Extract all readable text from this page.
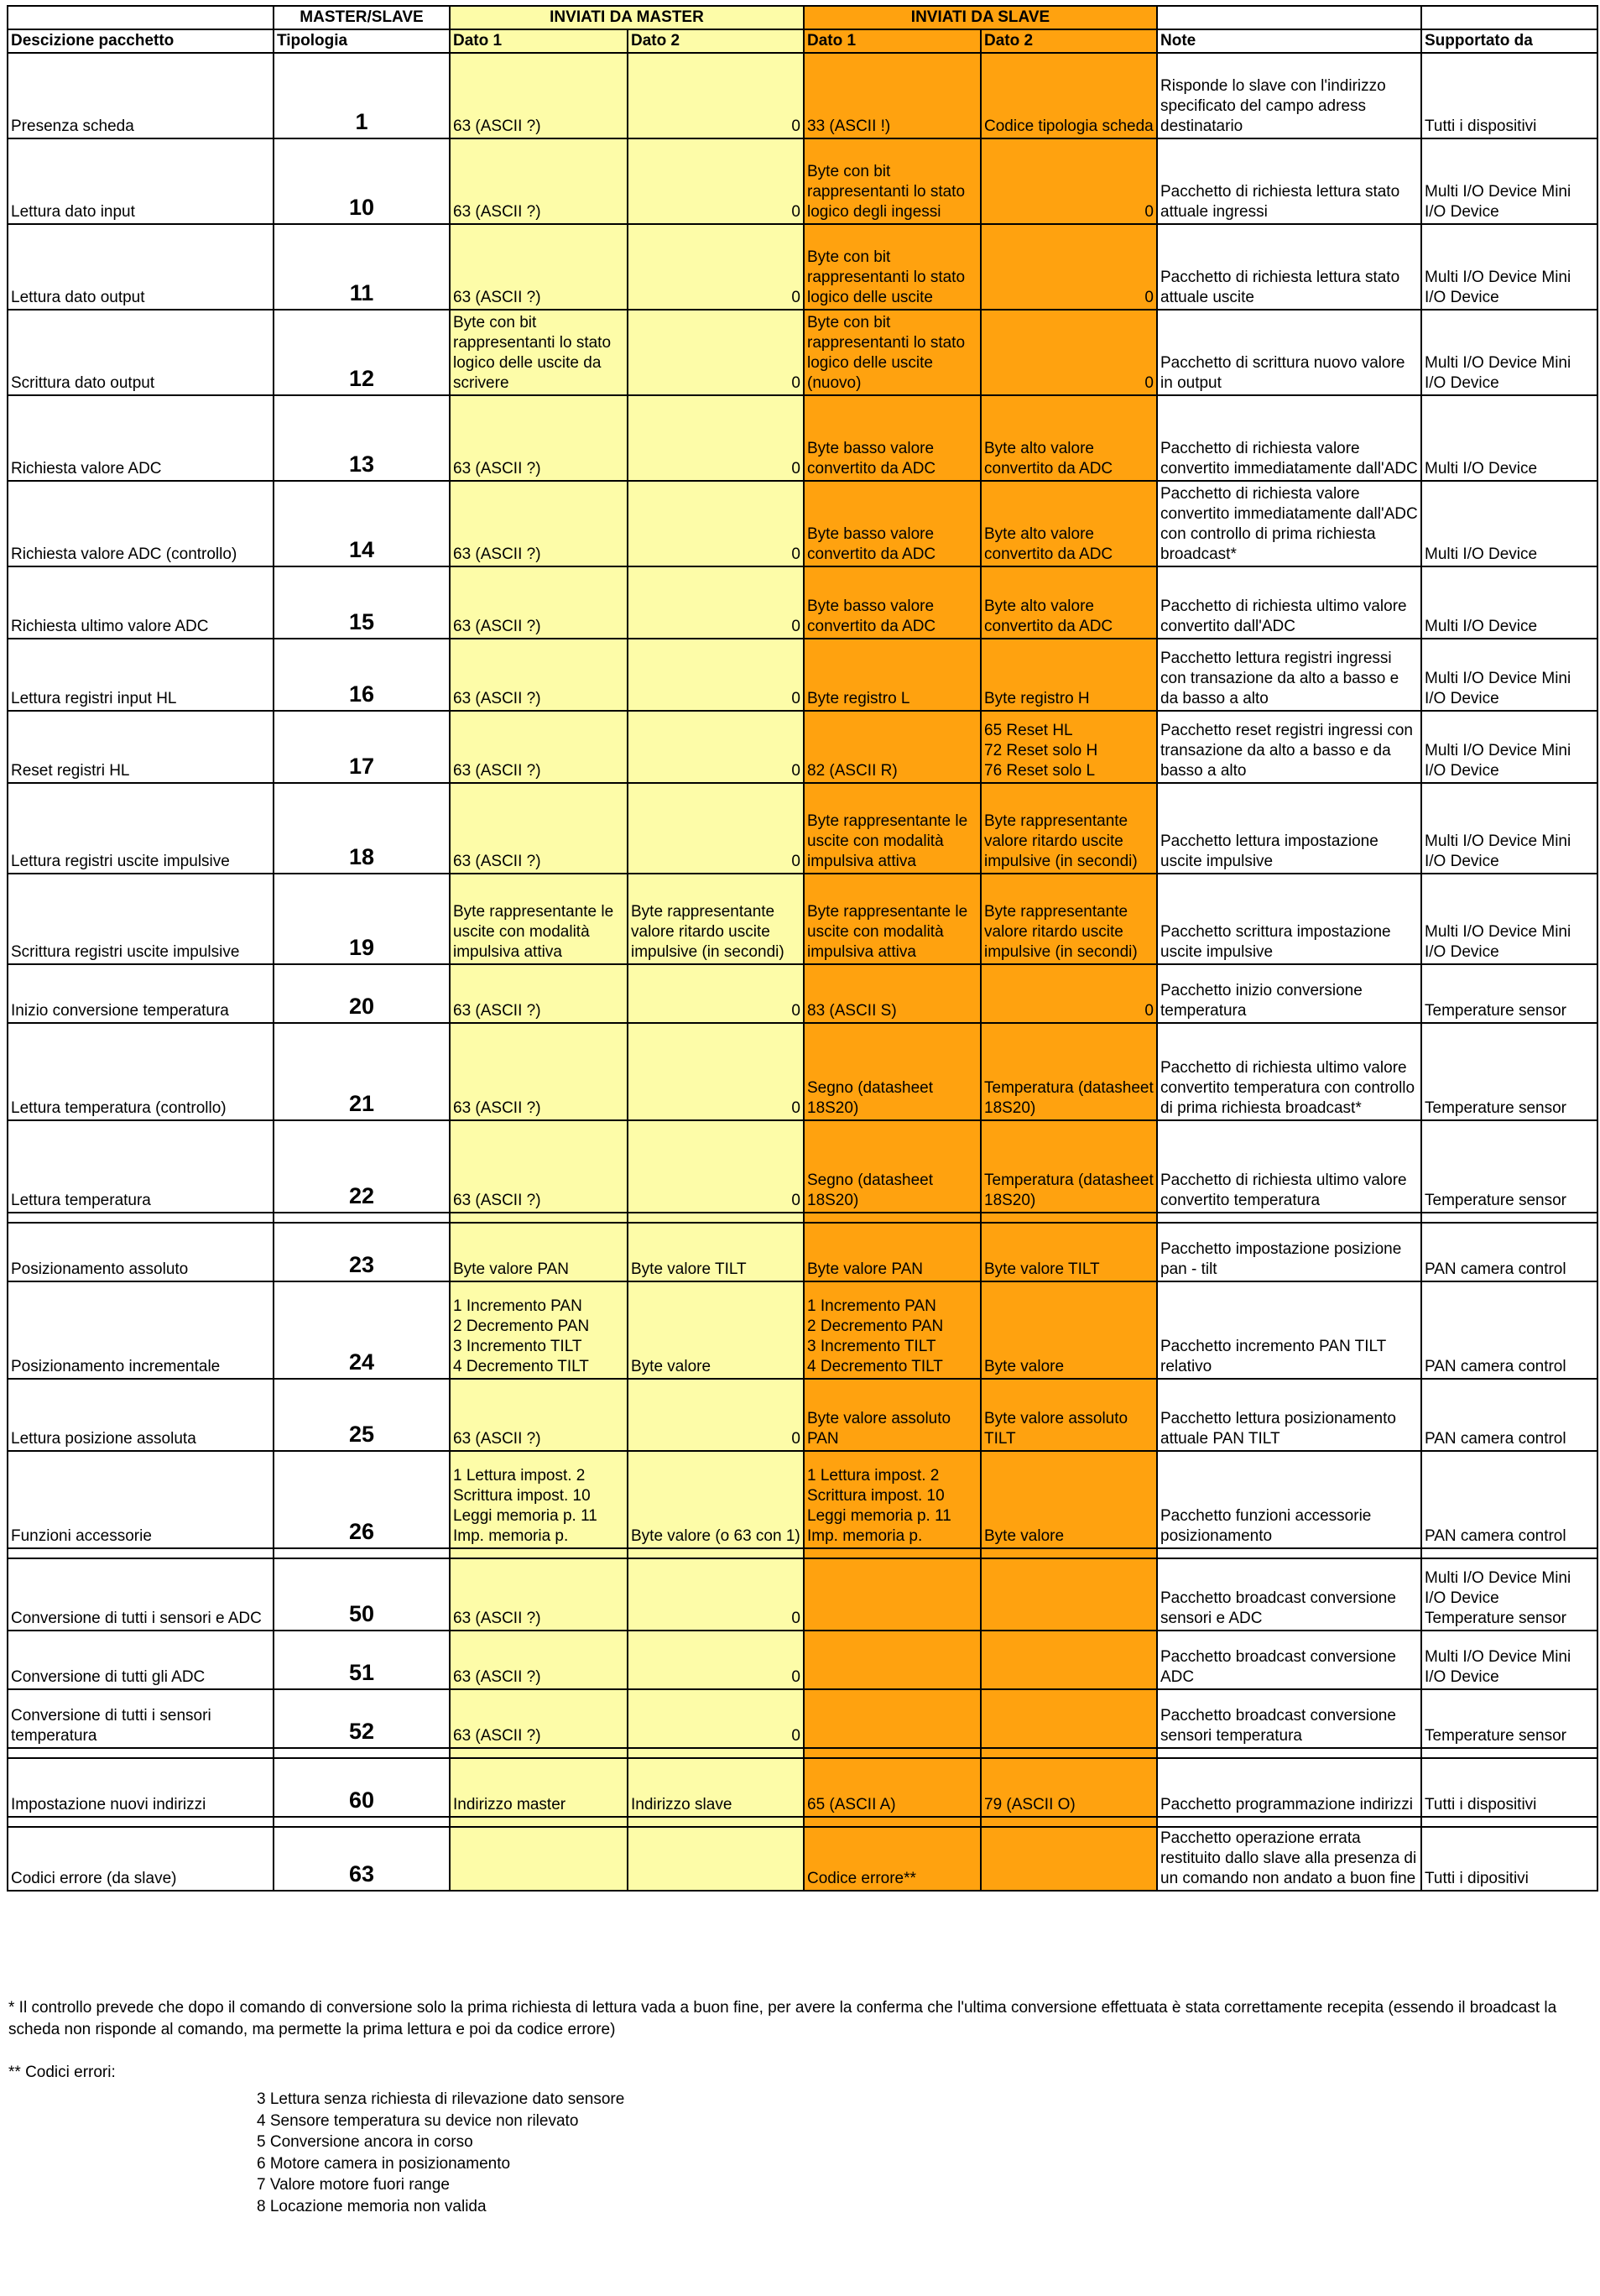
	MASTER/SLAVE	INVIATI DA MASTER		INVIATI DA SLAVE			
Descizione pacchetto	Tipologia	Dato 1	Dato 2	Dato 1	Dato 2	Note	Supportato da
Presenza scheda	1	63 (ASCII ?)	0	33 (ASCII !)	Codice tipologia scheda	Risponde lo slave con l'indirizzo specificato del campo adress destinatario	Tutti i dispositivi
Lettura dato input	10	63 (ASCII ?)	0	Byte con bit rappresentanti lo stato logico degli ingessi	0	Pacchetto di richiesta lettura stato attuale ingressi	Multi I/O Device Mini I/O Device
Lettura dato output	11	63 (ASCII ?)	0	Byte con bit rappresentanti lo stato logico delle uscite	0	Pacchetto di richiesta lettura stato attuale uscite	Multi I/O Device Mini I/O Device
Scrittura dato output	12	Byte con bit rappresentanti lo stato logico delle uscite da scrivere	0	Byte con bit rappresentanti lo stato logico delle uscite (nuovo)	0	Pacchetto di scrittura nuovo valore in output	Multi I/O Device Mini I/O Device
Richiesta valore ADC	13	63 (ASCII ?)	0	Byte basso valore convertito da ADC	Byte alto valore convertito da ADC	Pacchetto di richiesta valore convertito immediatamente dall'ADC	Multi I/O Device
Richiesta valore ADC (controllo)	14	63 (ASCII ?)	0	Byte basso valore convertito da ADC	Byte alto valore convertito da ADC	Pacchetto di richiesta valore convertito immediatamente dall'ADC con controllo di prima richiesta broadcast*	Multi I/O Device
Richiesta ultimo valore ADC	15	63 (ASCII ?)	0	Byte basso valore convertito da ADC	Byte alto valore convertito da ADC	Pacchetto di richiesta ultimo valore convertito dall'ADC	Multi I/O Device
Lettura registri input HL	16	63 (ASCII ?)	0	Byte registro L	Byte registro H	Pacchetto lettura registri ingressi con transazione da alto a basso e da basso a alto	Multi I/O Device Mini I/O Device
Reset registri HL	17	63 (ASCII ?)	0	82 (ASCII R)	65 Reset HL
72 Reset solo H
76 Reset solo L	Pacchetto reset registri ingressi con transazione da alto a basso e da basso a alto	Multi I/O Device Mini I/O Device
Lettura registri uscite impulsive	18	63 (ASCII ?)	0	Byte rappresentante le uscite con modalità impulsiva attiva	Byte rappresentante valore ritardo uscite impulsive (in secondi)	Pacchetto lettura impostazione uscite impulsive	Multi I/O Device Mini I/O Device
Scrittura registri uscite impulsive	19	Byte rappresentante le uscite con modalità impulsiva attiva	Byte rappresentante valore ritardo uscite impulsive (in secondi)	Byte rappresentante le uscite con modalità impulsiva attiva	Byte rappresentante valore ritardo uscite impulsive (in secondi)	Pacchetto scrittura impostazione uscite impulsive	Multi I/O Device Mini I/O Device
Inizio conversione temperatura	20	63 (ASCII ?)	0	83 (ASCII S)	0	Pacchetto inizio conversione temperatura	Temperature sensor
Lettura temperatura (controllo)	21	63 (ASCII ?)	0	Segno (datasheet 18S20)	Temperatura (datasheet 18S20)	Pacchetto di richiesta ultimo valore convertito temperatura con controllo di prima richiesta broadcast*	Temperature sensor
Lettura temperatura	22	63 (ASCII ?)	0	Segno (datasheet 18S20)	Temperatura (datasheet 18S20)	Pacchetto di richiesta ultimo valore convertito temperatura	Temperature sensor

Posizionamento assoluto	23	Byte valore PAN	Byte valore TILT	Byte valore PAN	Byte valore TILT	Pacchetto impostazione posizione pan - tilt	PAN camera control
Posizionamento incrementale	24	1 Incremento PAN
2 Decremento PAN
3 Incremento TILT
4 Decremento TILT	Byte valore	1 Incremento PAN
2 Decremento PAN
3 Incremento TILT
4 Decremento TILT	Byte valore	Pacchetto incremento PAN TILT relativo	PAN camera control
Lettura posizione assoluta	25	63 (ASCII ?)	0	Byte valore assoluto PAN	Byte valore assoluto TILT	Pacchetto lettura posizionamento attuale PAN TILT	PAN camera control
Funzioni accessorie	26	1 Lettura impost. 2
Scrittura impost. 10
Leggi memoria p. 11
Imp. memoria p.	Byte valore (o 63 con 1)	1 Lettura impost. 2
Scrittura impost. 10
Leggi memoria p. 11
Imp. memoria p.	Byte valore	Pacchetto funzioni accessorie posizionamento	PAN camera control

Conversione di tutti i sensori e ADC	50	63 (ASCII ?)	0			Pacchetto broadcast conversione sensori e ADC	Multi I/O Device Mini I/O Device
Temperature sensor
Conversione di tutti gli ADC	51	63 (ASCII ?)	0			Pacchetto broadcast conversione ADC	Multi I/O Device Mini I/O Device
Conversione di tutti i sensori temperatura	52	63 (ASCII ?)	0			Pacchetto broadcast conversione sensori temperatura	Temperature sensor

Impostazione nuovi indirizzi	60	Indirizzo master	Indirizzo slave	65 (ASCII A)	79 (ASCII O)	Pacchetto programmazione indirizzi	Tutti i dispositivi

Codici errore (da slave)	63			Codice errore**		Pacchetto operazione errata restituito dallo slave alla presenza di un comando non andato a buon fine	Tutti i dipositivi

* Il controllo prevede che dopo il comando di conversione solo la prima richiesta di lettura vada a buon fine, per avere la conferma che l'ultima conversione effettuata è stata correttamente recepita (essendo il broadcast la scheda non risponde al comando, ma permette la prima lettura e poi da codice errore)

** Codici errori:

3 Lettura senza richiesta di rilevazione dato sensore
4 Sensore temperatura su device non rilevato
5 Conversione ancora in corso
6 Motore camera in posizionamento
7 Valore motore fuori range
8 Locazione memoria non valida
